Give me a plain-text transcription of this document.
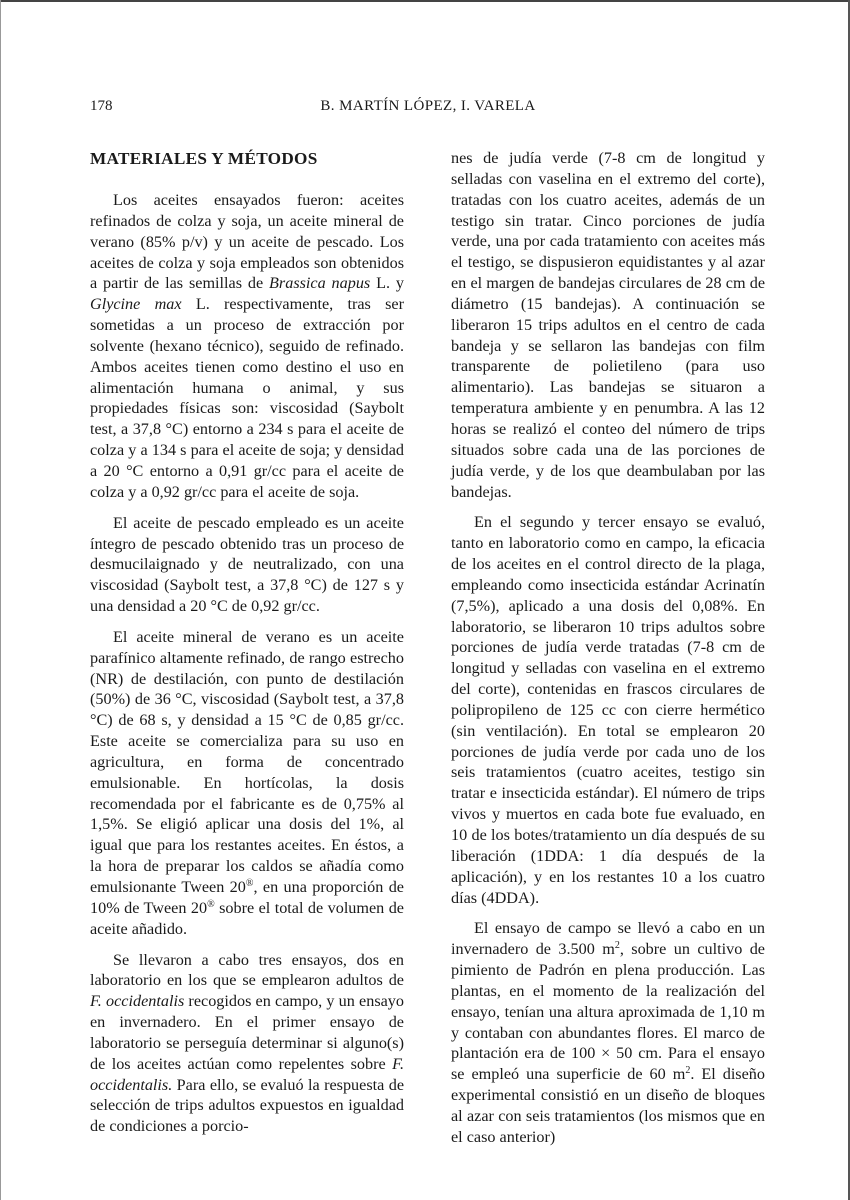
178	B. MARTÍN LÓPEZ, I. VARELA
MATERIALES Y MÉTODOS

Los aceites ensayados fueron: aceites refinados de colza y soja, un aceite mineral de verano (85% p/v) y un aceite de pescado. Los aceites de colza y soja empleados son obtenidos a partir de las semillas de Brassica napus L. y Glycine max L. respectivamente, tras ser sometidas a un proceso de extracción por solvente (hexano técnico), seguido de refinado. Ambos aceites tienen como destino el uso en alimentación humana o animal, y sus propiedades físicas son: viscosidad (Saybolt test, a 37,8 °C) entorno a 234 s para el aceite de colza y a 134 s para el aceite de soja; y densidad a 20 °C entorno a 0,91 gr/cc para el aceite de colza y a 0,92 gr/cc para el aceite de soja.

El aceite de pescado empleado es un aceite íntegro de pescado obtenido tras un proceso de desmucilaignado y de neutralizado, con una viscosidad (Saybolt test, a 37,8 °C) de 127 s y una densidad a 20 °C de 0,92 gr/cc.

El aceite mineral de verano es un aceite parafínico altamente refinado, de rango estrecho (NR) de destilación, con punto de destilación (50%) de 36 °C, viscosidad (Saybolt test, a 37,8 °C) de 68 s, y densidad a 15 °C de 0,85 gr/cc. Este aceite se comercializa para su uso en agricultura, en forma de concentrado emulsionable. En hortícolas, la dosis recomendada por el fabricante es de 0,75% al 1,5%. Se eligió aplicar una dosis del 1%, al igual que para los restantes aceites. En éstos, a la hora de preparar los caldos se añadía como emulsionante Tween 20®, en una proporción de 10% de Tween 20® sobre el total de volumen de aceite añadido.

Se llevaron a cabo tres ensayos, dos en laboratorio en los que se emplearon adultos de F. occidentalis recogidos en campo, y un ensayo en invernadero. En el primer ensayo de laboratorio se perseguía determinar si alguno(s) de los aceites actúan como repelentes sobre F. occidentalis. Para ello, se evaluó la respuesta de selección de trips adultos expuestos en igualdad de condiciones a porcio-

nes de judía verde (7-8 cm de longitud y selladas con vaselina en el extremo del corte), tratadas con los cuatro aceites, además de un testigo sin tratar. Cinco porciones de judía verde, una por cada tratamiento con aceites más el testigo, se dispusieron equidistantes y al azar en el margen de bandejas circulares de 28 cm de diámetro (15 bandejas). A continuación se liberaron 15 trips adultos en el centro de cada bandeja y se sellaron las bandejas con film transparente de polietileno (para uso alimentario). Las bandejas se situaron a temperatura ambiente y en penumbra. A las 12 horas se realizó el conteo del número de trips situados sobre cada una de las porciones de judía verde, y de los que deambulaban por las bandejas.

En el segundo y tercer ensayo se evaluó, tanto en laboratorio como en campo, la eficacia de los aceites en el control directo de la plaga, empleando como insecticida estándar Acrinatín (7,5%), aplicado a una dosis del 0,08%. En laboratorio, se liberaron 10 trips adultos sobre porciones de judía verde tratadas (7-8 cm de longitud y selladas con vaselina en el extremo del corte), contenidas en frascos circulares de polipropileno de 125 cc con cierre hermético (sin ventilación). En total se emplearon 20 porciones de judía verde por cada uno de los seis tratamientos (cuatro aceites, testigo sin tratar e insecticida estándar). El número de trips vivos y muertos en cada bote fue evaluado, en 10 de los botes/tratamiento un día después de su liberación (1DDA: 1 día después de la aplicación), y en los restantes 10 a los cuatro días (4DDA).

El ensayo de campo se llevó a cabo en un invernadero de 3.500 $m^2$, sobre un cultivo de pimiento de Padrón en plena producción. Las plantas, en el momento de la realización del ensayo, tenían una altura aproximada de 1,10 m y contaban con abundantes flores. El marco de plantación era de 100 × 50 cm. Para el ensayo se empleó una superficie de 60 $m^2$. El diseño experimental consistió en un diseño de bloques al azar con seis tratamientos (los mismos que en el caso anterior)
